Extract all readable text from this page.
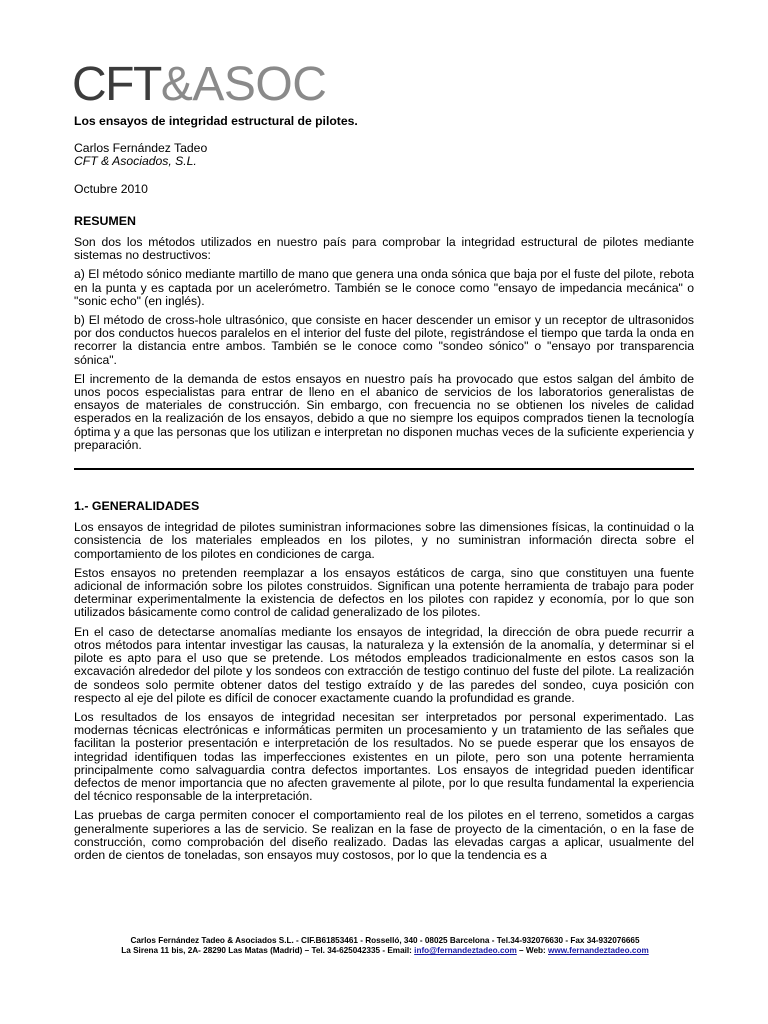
CFT&ASOC
Los ensayos de integridad estructural de pilotes.
Carlos Fernández Tadeo
CFT & Asociados, S.L.
Octubre 2010
RESUMEN

Son dos los métodos utilizados en nuestro país para comprobar la integridad estructural de pilotes mediante sistemas no destructivos:

a) El método sónico mediante martillo de mano que genera una onda sónica que baja por el fuste del pilote, rebota en la punta y es captada por un acelerómetro. También se le conoce como "ensayo de impedancia mecánica" o "sonic echo" (en inglés).

b) El método de cross-hole ultrasónico, que consiste en hacer descender un emisor y un receptor de ultrasonidos por dos conductos huecos paralelos en el interior del fuste del pilote, registrándose el tiempo que tarda la onda en recorrer la distancia entre ambos. También se le conoce como "sondeo sónico" o "ensayo por transparencia sónica".

El incremento de la demanda de estos ensayos en nuestro país ha provocado que estos salgan del ámbito de unos pocos especialistas para entrar de lleno en el abanico de servicios de los laboratorios generalistas de ensayos de materiales de construcción. Sin embargo, con frecuencia no se obtienen los niveles de calidad esperados en la realización de los ensayos, debido a que no siempre los equipos comprados tienen la tecnología óptima y a que las personas que los utilizan e interpretan no disponen muchas veces de la suficiente experiencia y preparación.

1.- GENERALIDADES

Los ensayos de integridad de pilotes suministran informaciones sobre las dimensiones físicas, la continuidad o la consistencia de los materiales empleados en los pilotes, y no suministran información directa sobre el comportamiento de los pilotes en condiciones de carga.

Estos ensayos no pretenden reemplazar a los ensayos estáticos de carga, sino que constituyen una fuente adicional de información sobre los pilotes construidos. Significan una potente herramienta de trabajo para poder determinar experimentalmente la existencia de defectos en los pilotes con rapidez y economía, por lo que son utilizados básicamente como control de calidad generalizado de los pilotes.

En el caso de detectarse anomalías mediante los ensayos de integridad, la dirección de obra puede recurrir a otros métodos para intentar investigar las causas, la naturaleza y la extensión de la anomalía, y determinar si el pilote es apto para el uso que se pretende. Los métodos empleados tradicionalmente en estos casos son la excavación alrededor del pilote y los sondeos con extracción de testigo continuo del fuste del pilote. La realización de sondeos solo permite obtener datos del testigo extraído y de las paredes del sondeo, cuya posición con respecto al eje del pilote es difícil de conocer exactamente cuando la profundidad es grande.

Los resultados de los ensayos de integridad necesitan ser interpretados por personal experimentado. Las modernas técnicas electrónicas e informáticas permiten un procesamiento y un tratamiento de las señales que facilitan la posterior presentación e interpretación de los resultados. No se puede esperar que los ensayos de integridad identifiquen todas las imperfecciones existentes en un pilote, pero son una potente herramienta principalmente como salvaguardia contra defectos importantes. Los ensayos de integridad pueden identificar defectos de menor importancia que no afecten gravemente al pilote, por lo que resulta fundamental la experiencia del técnico responsable de la interpretación.

Las pruebas de carga permiten conocer el comportamiento real de los pilotes en el terreno, sometidos a cargas generalmente superiores a las de servicio. Se realizan en la fase de proyecto de la cimentación, o en la fase de construcción, como comprobación del diseño realizado. Dadas las elevadas cargas a aplicar, usualmente del orden de cientos de toneladas, son ensayos muy costosos, por lo que la tendencia es a

Carlos Fernández Tadeo & Asociados S.L. - CIF.B61853461 - Rosselló, 340 - 08025 Barcelona - Tel.34-932076630 - Fax 34-932076665
La Sirena 11 bis, 2A- 28290 Las Matas (Madrid) – Tel. 34-625042335 - Email: info@fernandeztadeo.com – Web: www.fernandeztadeo.com
